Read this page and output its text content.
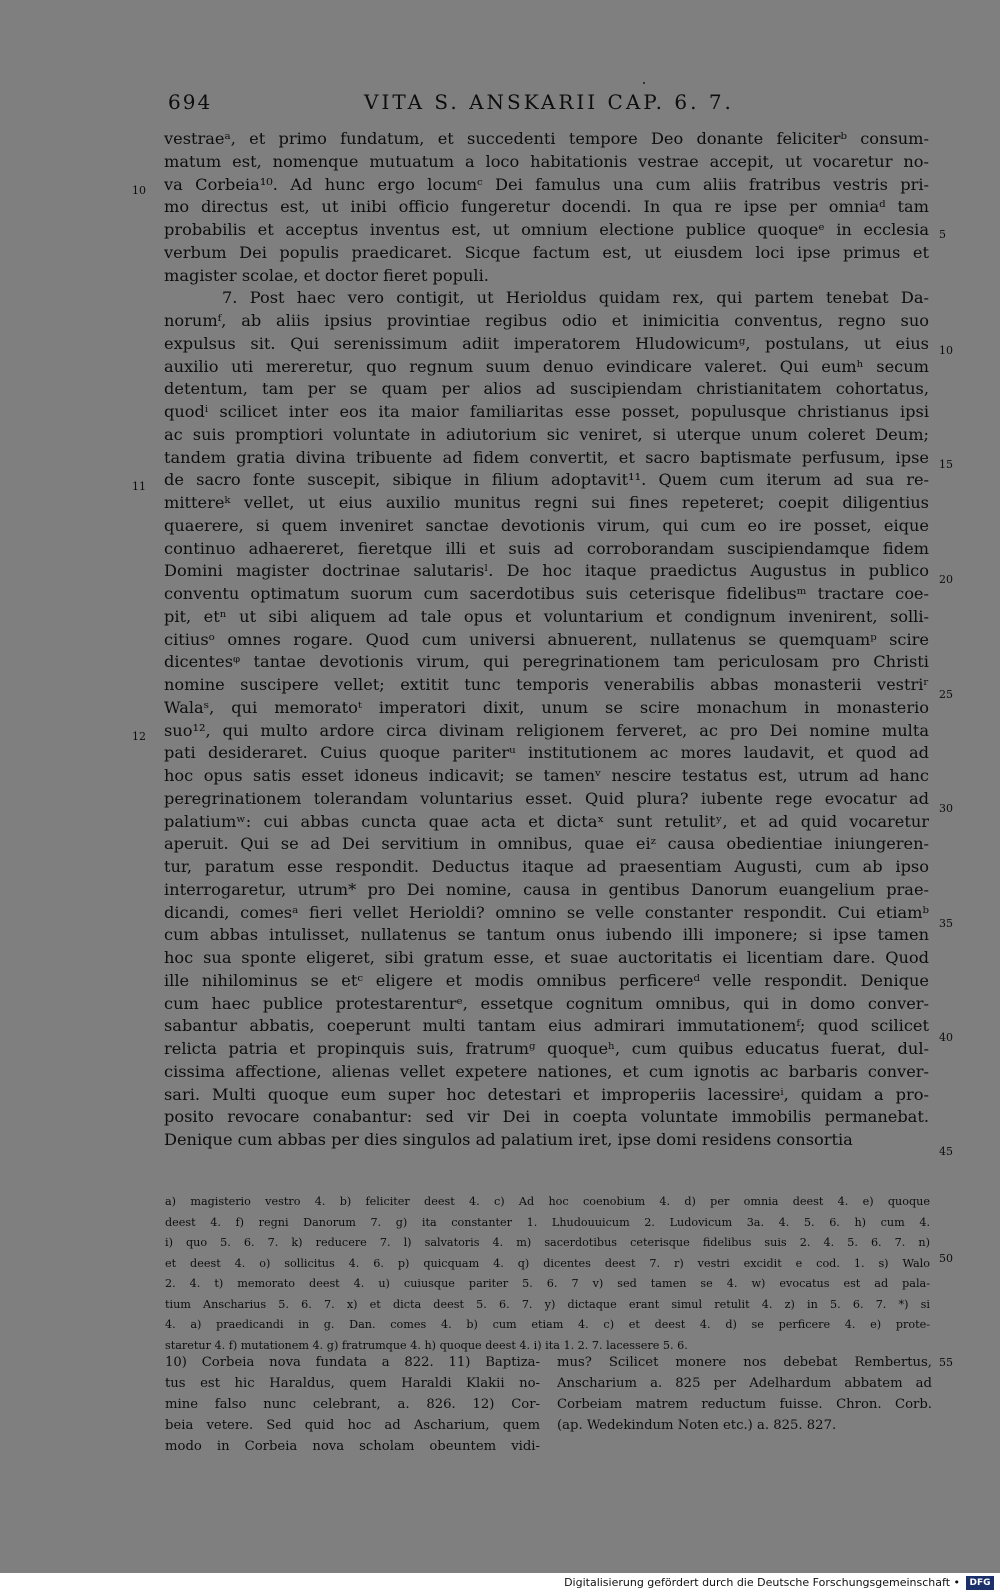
694	VITA S. ANSKARII CAP. 6. 7.
vestraeᵃ, et primo fundatum, et succedenti tempore Deo donante feliciterᵇ consum-
matum est, nomenque mutuatum a loco habitationis vestrae accepit, ut vocaretur no-
va Corbeia¹⁰. Ad hunc ergo locumᶜ Dei famulus una cum aliis fratribus vestris pri-
mo directus est, ut inibi officio fungeretur docendi. In qua re ipse per omniaᵈ tam
probabilis et acceptus inventus est, ut omnium electione publice quoqueᵉ in ecclesia
verbum Dei populis praedicaret. Sicque factum est, ut eiusdem loci ipse primus et
magister scolae, et doctor fieret populi.
7. Post haec vero contigit, ut Herioldus quidam rex, qui partem tenebat Da-
norumᶠ, ab aliis ipsius provintiae regibus odio et inimicitia conventus, regno suo
expulsus sit. Qui serenissimum adiit imperatorem Hludowicumᵍ, postulans, ut eius
auxilio uti mereretur, quo regnum suum denuo evindicare valeret. Qui eumʰ secum
detentum, tam per se quam per alios ad suscipiendam christianitatem cohortatus,
quodⁱ scilicet inter eos ita maior familiaritas esse posset, populusque christianus ipsi
ac suis promptiori voluntate in adiutorium sic veniret, si uterque unum coleret Deum;
tandem gratia divina tribuente ad fidem convertit, et sacro baptismate perfusum, ipse
de sacro fonte suscepit, sibique in filium adoptavit¹¹. Quem cum iterum ad sua re-
mittereᵏ vellet, ut eius auxilio munitus regni sui fines repeteret; coepit diligentius
quaerere, si quem inveniret sanctae devotionis virum, qui cum eo ire posset, eique
continuo adhaereret, fieretque illi et suis ad corroborandam suscipiendamque fidem
Domini magister doctrinae salutarisˡ. De hoc itaque praedictus Augustus in publico
conventu optimatum suorum cum sacerdotibus suis ceterisque fidelibusᵐ tractare coe-
pit, etⁿ ut sibi aliquem ad tale opus et voluntarium et condignum invenirent, solli-
citiusᵒ omnes rogare. Quod cum universi abnuerent, nullatenus se quemquamᵖ scire
dicentesᵠ tantae devotionis virum, qui peregrinationem tam periculosam pro Christi
nomine suscipere vellet; extitit tunc temporis venerabilis abbas monasterii vestriʳ
Walaˢ, qui memoratoᵗ imperatori dixit, unum se scire monachum in monasterio
suo¹², qui multo ardore circa divinam religionem ferveret, ac pro Dei nomine multa
pati desideraret. Cuius quoque pariterᵘ institutionem ac mores laudavit, et quod ad
hoc opus satis esset idoneus indicavit; se tamenᵛ nescire testatus est, utrum ad hanc
peregrinationem tolerandam voluntarius esset. Quid plura? iubente rege evocatur ad
palatiumʷ: cui abbas cuncta quae acta et dictaˣ sunt retulitʸ, et ad quid vocaretur
aperuit. Qui se ad Dei servitium in omnibus, quae eiᶻ causa obedientiae iniungeren-
tur, paratum esse respondit. Deductus itaque ad praesentiam Augusti, cum ab ipso
interrogaretur, utrum* pro Dei nomine, causa in gentibus Danorum euangelium prae-
dicandi, comesᵃ fieri vellet Herioldi? omnino se velle constanter respondit. Cui etiamᵇ
cum abbas intulisset, nullatenus se tantum onus iubendo illi imponere; si ipse tamen
hoc sua sponte eligeret, sibi gratum esse, et suae auctoritatis ei licentiam dare. Quod
ille nihilominus se etᶜ eligere et modis omnibus perficereᵈ velle respondit. Denique
cum haec publice protestarenturᵉ, essetque cognitum omnibus, qui in domo conver-
sabantur abbatis, coeperunt multi tantam eius admirari immutationemᶠ; quod scilicet
relicta patria et propinquis suis, fratrumᵍ quoqueʰ, cum quibus educatus fuerat, dul-
cissima affectione, alienas vellet expetere nationes, et cum ignotis ac barbaris conver-
sari. Multi quoque eum super hoc detestari et improperiis lacessireⁱ, quidam a pro-
posito revocare conabantur: sed vir Dei in coepta voluntate immobilis permanebat.
Denique cum abbas per dies singulos ad palatium iret, ipse domi residens consortia
10
11
12
5
10
15
20
25
30
35
40
45
a) magisterio vestro 4. b) feliciter deest 4. c) Ad hoc coenobium 4. d) per omnia deest 4. e) quoque
deest 4. f) regni Danorum 7. g) ita constanter 1. Lhudouuicum 2. Ludovicum 3a. 4. 5. 6. h) cum 4.
i) quo 5. 6. 7. k) reducere 7. l) salvatoris 4. m) sacerdotibus ceterisque fidelibus suis 2. 4. 5. 6. 7. n)
et deest 4. o) sollicitus 4. 6. p) quicquam 4. q) dicentes deest 7. r) vestri excidit e cod. 1. s) Walo
2. 4. t) memorato deest 4. u) cuiusque pariter 5. 6. 7 v) sed tamen se 4. w) evocatus est ad pala-
tium Anscharius 5. 6. 7. x) et dicta deest 5. 6. 7. y) dictaque erant simul retulit 4. z) in 5. 6. 7. *) si
4. a) praedicandi in g. Dan. comes 4. b) cum etiam 4. c) et deest 4. d) se perficere 4. e) prote-
staretur 4. f) mutationem 4. g) fratrumque 4. h) quoque deest 4. i) ita 1. 2. 7. lacessere 5. 6.
50
55
10) Corbeia nova fundata a 822. 11) Baptiza-
tus est hic Haraldus, quem Haraldi Klakii no-
mine falso nunc celebrant, a. 826. 12) Cor-
beia vetere. Sed quid hoc ad Ascharium, quem
modo in Corbeia nova scholam obeuntem vidi-
mus? Scilicet monere nos debebat Rembertus,
Anscharium a. 825 per Adelhardum abbatem ad
Corbeiam matrem reductum fuisse. Chron. Corb.
(ap. Wedekindum Noten etc.) a. 825. 827.
Digitalisierung gefördert durch die Deutsche Forschungsgemeinschaft •	DFG
